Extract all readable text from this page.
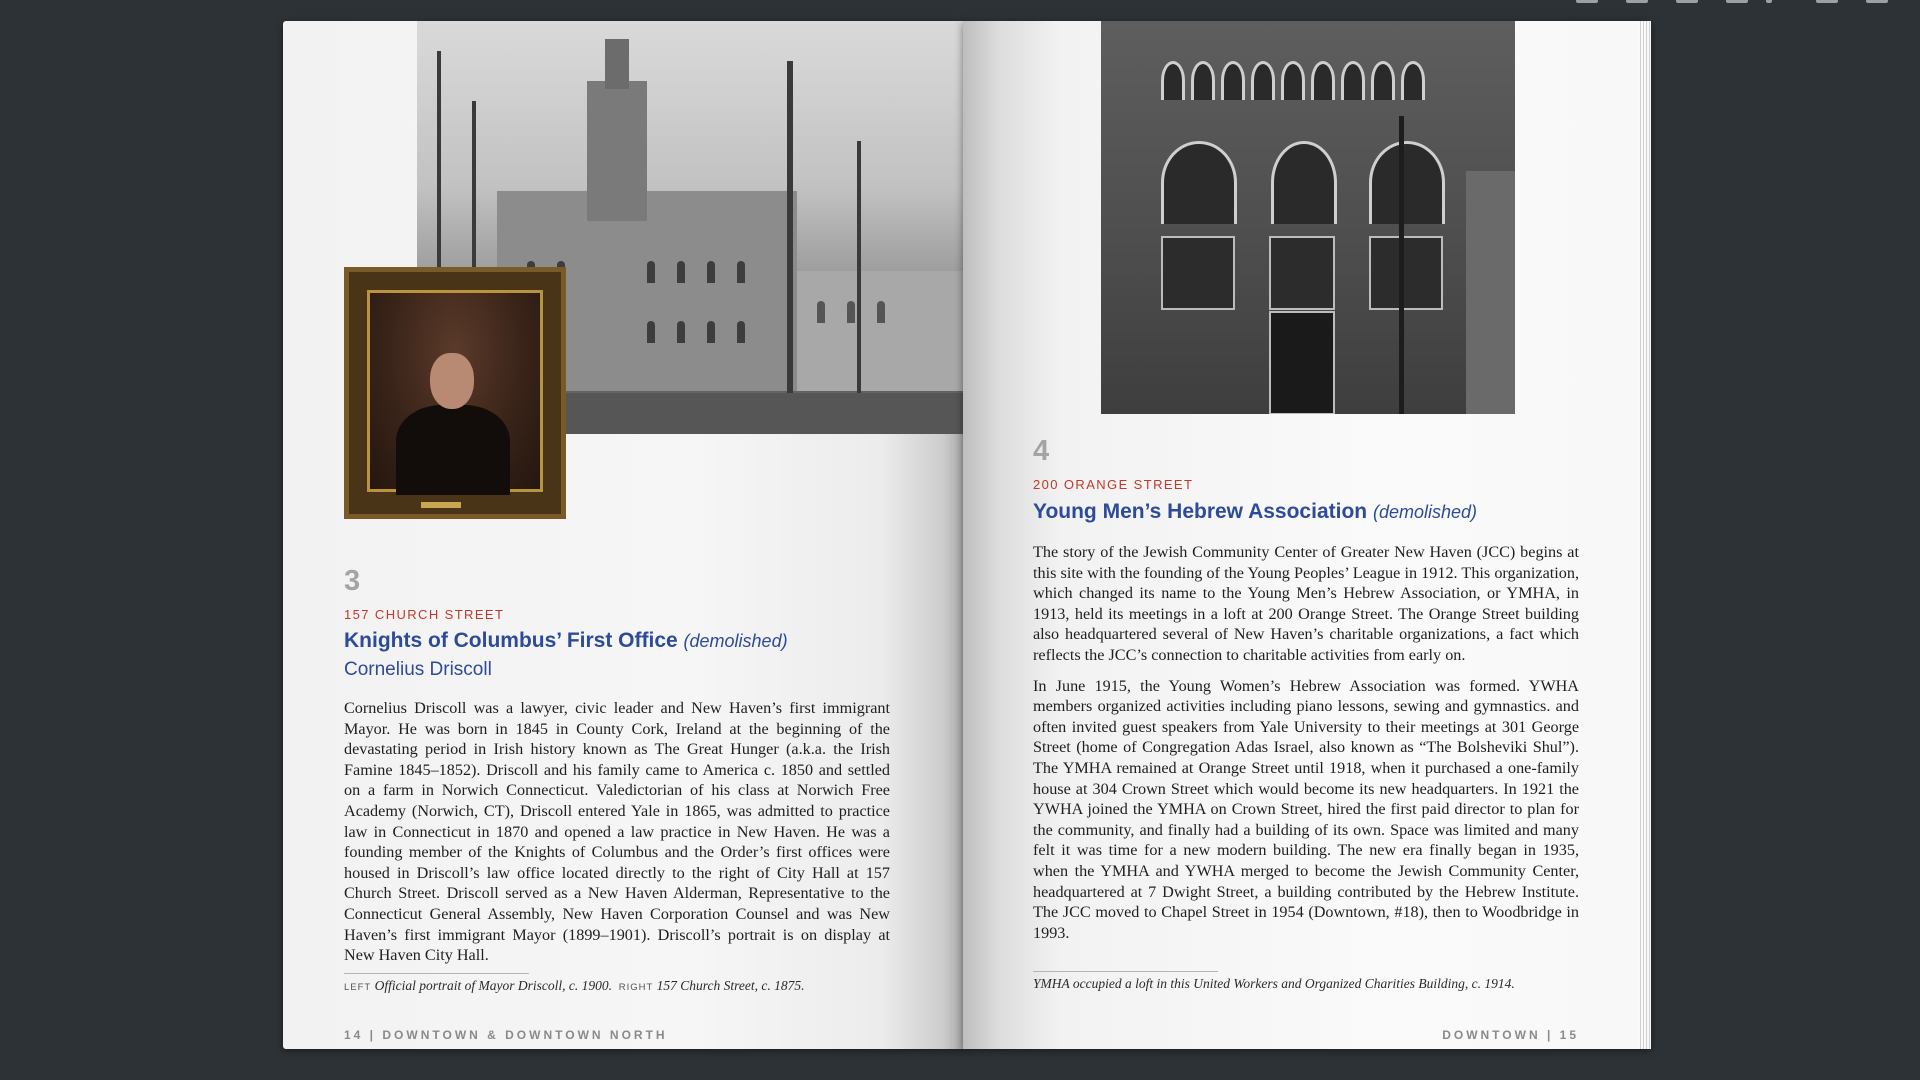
3
157 CHURCH STREET
Knights of Columbus’ First Office (demolished)
Cornelius Driscoll

Cornelius Driscoll was a lawyer, civic leader and New Haven’s first immigrant Mayor. He was born in 1845 in County Cork, Ireland at the beginning of the devastating period in Irish history known as The Great Hunger (a.k.a. the Irish Famine 1845–1852). Driscoll and his family came to America c. 1850 and settled on a farm in Norwich Connecticut. Valedictorian of his class at Norwich Free Academy (Norwich, CT), Driscoll entered Yale in 1865, was admitted to practice law in Connecticut in 1870 and opened a law practice in New Haven. He was a founding member of the Knights of Columbus and the Order’s first offices were housed in Driscoll’s law office located directly to the right of City Hall at 157 Church Street. Driscoll served as a New Haven Alderman, Representative to the Connecticut General Assembly, New Haven Corporation Counsel and was New Haven’s first immigrant Mayor (1899–1901). Driscoll’s portrait is on display at New Haven City Hall.

LEFT Official portrait of Mayor Driscoll, c. 1900. RIGHT 157 Church Street, c. 1875.
14 | DOWNTOWN & DOWNTOWN NORTH
4
200 ORANGE STREET
Young Men’s Hebrew Association (demolished)

The story of the Jewish Community Center of Greater New Haven (JCC) begins at this site with the founding of the Young Peoples’ League in 1912. This organization, which changed its name to the Young Men’s Hebrew Association, or YMHA, in 1913, held its meetings in a loft at 200 Orange Street. The Orange Street building also headquartered several of New Haven’s charitable organizations, a fact which reflects the JCC’s connection to charitable activities from early on.

In June 1915, the Young Women’s Hebrew Association was formed. YWHA members organized activities including piano lessons, sewing and gymnastics. and often invited guest speakers from Yale University to their meetings at 301 George Street (home of Congregation Adas Israel, also known as “The Bolsheviki Shul”). The YMHA remained at Orange Street until 1918, when it purchased a one-family house at 304 Crown Street which would become its new headquarters. In 1921 the YWHA joined the YMHA on Crown Street, hired the first paid director to plan for the community, and finally had a building of its own. Space was limited and many felt it was time for a new modern building. The new era finally began in 1935, when the YMHA and YWHA merged to become the Jewish Community Center, headquartered at 7 Dwight Street, a building contributed by the Hebrew Institute. The JCC moved to Chapel Street in 1954 (Downtown, #18), then to Woodbridge in 1993.

YMHA occupied a loft in this United Workers and Organized Charities Building, c. 1914.
DOWNTOWN | 15
